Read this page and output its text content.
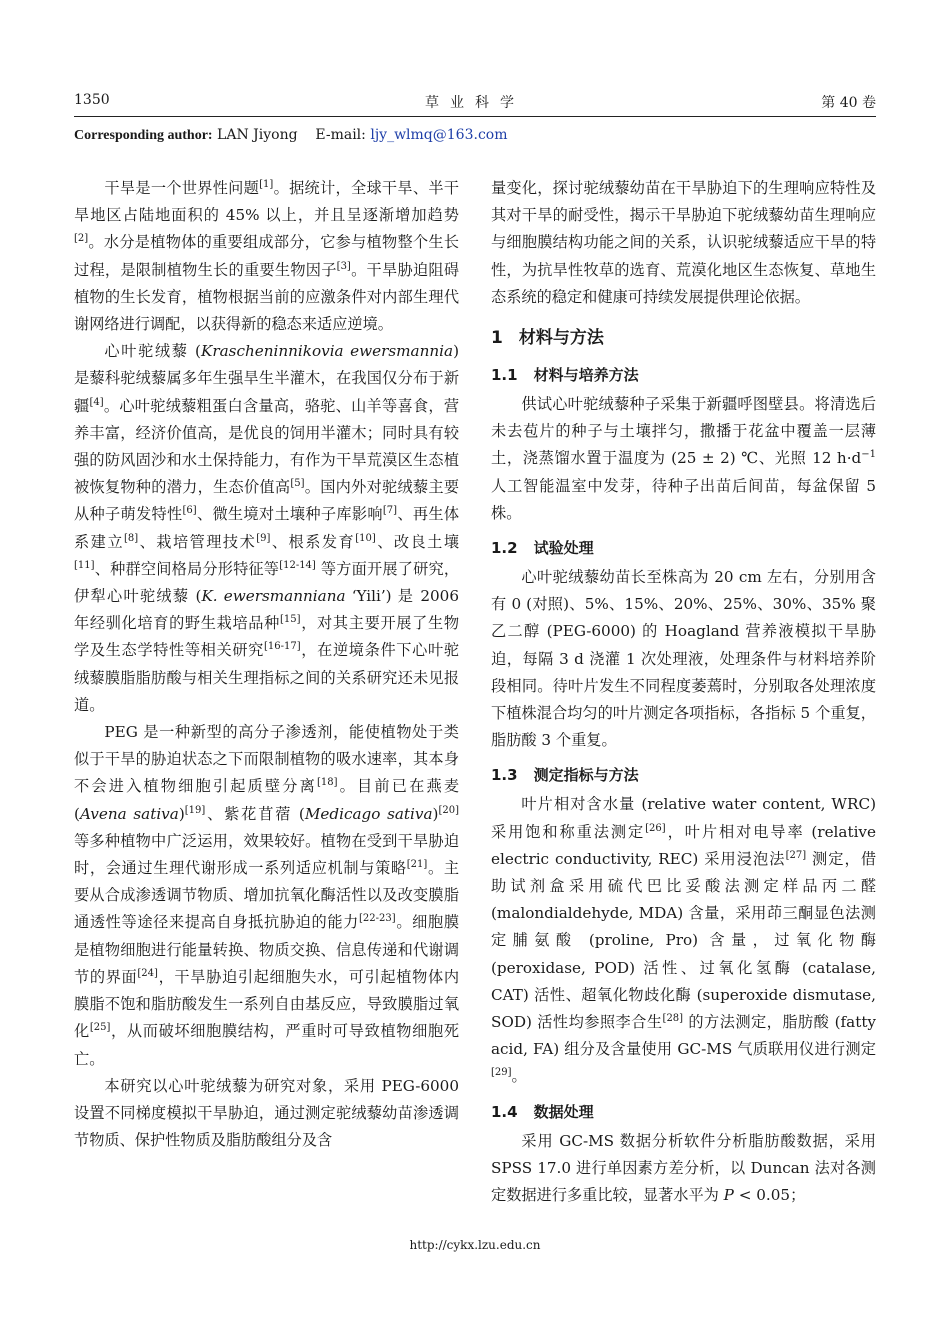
1350	草业科学	第 40 卷
Corresponding author: LAN Jiyong E-mail: ljy_wlmq@163.com

干旱是一个世界性问题[1]。据统计，全球干旱、半干旱地区占陆地面积的 45% 以上，并且呈逐渐增加趋势[2]。水分是植物体的重要组成部分，它参与植物整个生长过程，是限制植物生长的重要生物因子[3]。干旱胁迫阻碍植物的生长发育，植物根据当前的应激条件对内部生理代谢网络进行调配，以获得新的稳态来适应逆境。

心叶驼绒藜 (Krascheninnikovia ewersmannia) 是藜科驼绒藜属多年生强旱生半灌木，在我国仅分布于新疆[4]。心叶驼绒藜粗蛋白含量高，骆驼、山羊等喜食，营养丰富，经济价值高，是优良的饲用半灌木；同时具有较强的防风固沙和水土保持能力，有作为干旱荒漠区生态植被恢复物种的潜力，生态价值高[5]。国内外对驼绒藜主要从种子萌发特性[6]、微生境对土壤种子库影响[7]、再生体系建立[8]、栽培管理技术[9]、根系发育[10]、改良土壤[11]、种群空间格局分形特征等[12-14] 等方面开展了研究，伊犁心叶驼绒藜 (K. ewersmanniana ‘Yili’) 是 2006 年经驯化培育的野生栽培品种[15]，对其主要开展了生物学及生态学特性等相关研究[16-17]，在逆境条件下心叶驼绒藜膜脂脂肪酸与相关生理指标之间的关系研究还未见报道。

PEG 是一种新型的高分子渗透剂，能使植物处于类似于干旱的胁迫状态之下而限制植物的吸水速率，其本身不会进入植物细胞引起质壁分离[18]。目前已在燕麦 (Avena sativa)[19]、紫花苜蓿 (Medicago sativa)[20] 等多种植物中广泛运用，效果较好。植物在受到干旱胁迫时，会通过生理代谢形成一系列适应机制与策略[21]。主要从合成渗透调节物质、增加抗氧化酶活性以及改变膜脂通透性等途径来提高自身抵抗胁迫的能力[22-23]。细胞膜是植物细胞进行能量转换、物质交换、信息传递和代谢调节的界面[24]，干旱胁迫引起细胞失水，可引起植物体内膜脂不饱和脂肪酸发生一系列自由基反应，导致膜脂过氧化[25]，从而破坏细胞膜结构，严重时可导致植物细胞死亡。

本研究以心叶驼绒藜为研究对象，采用 PEG-6000 设置不同梯度模拟干旱胁迫，通过测定驼绒藜幼苗渗透调节物质、保护性物质及脂肪酸组分及含

量变化，探讨驼绒藜幼苗在干旱胁迫下的生理响应特性及其对干旱的耐受性，揭示干旱胁迫下驼绒藜幼苗生理响应与细胞膜结构功能之间的关系，认识驼绒藜适应干旱的特性，为抗旱性牧草的选育、荒漠化地区生态恢复、草地生态系统的稳定和健康可持续发展提供理论依据。

1 材料与方法
1.1 材料与培养方法

供试心叶驼绒藜种子采集于新疆呼图壁县。将清选后未去苞片的种子与土壤拌匀，撒播于花盆中覆盖一层薄土，浇蒸馏水置于温度为 (25 ± 2) ℃、光照 12 $h\cdot d^{-1}$ 人工智能温室中发芽，待种子出苗后间苗，每盆保留 5 株。

1.2 试验处理

心叶驼绒藜幼苗长至株高为 20 cm 左右，分别用含有 0 (对照)、5%、15%、20%、25%、30%、35% 聚乙二醇 (PEG-6000) 的 Hoagland 营养液模拟干旱胁迫，每隔 3 d 浇灌 1 次处理液，处理条件与材料培养阶段相同。待叶片发生不同程度萎蔫时，分别取各处理浓度下植株混合均匀的叶片测定各项指标，各指标 5 个重复，脂肪酸 3 个重复。

1.3 测定指标与方法

叶片相对含水量 (relative water content, WRC) 采用饱和称重法测定[26]，叶片相对电导率 (relative electric conductivity, REC) 采用浸泡法[27] 测定，借助试剂盒采用硫代巴比妥酸法测定样品丙二醛 (malondialdehyde, MDA) 含量，采用茚三酮显色法测定脯氨酸 (proline, Pro) 含量，过氧化物酶 (peroxidase, POD) 活性、过氧化氢酶 (catalase, CAT) 活性、超氧化物歧化酶 (superoxide dismutase, SOD) 活性均参照李合生[28] 的方法测定，脂肪酸 (fatty acid, FA) 组分及含量使用 GC-MS 气质联用仪进行测定[29]。

1.4 数据处理

采用 GC-MS 数据分析软件分析脂肪酸数据，采用 SPSS 17.0 进行单因素方差分析，以 Duncan 法对各测定数据进行多重比较，显著水平为 P < 0.05；

http://cykx.lzu.edu.cn
